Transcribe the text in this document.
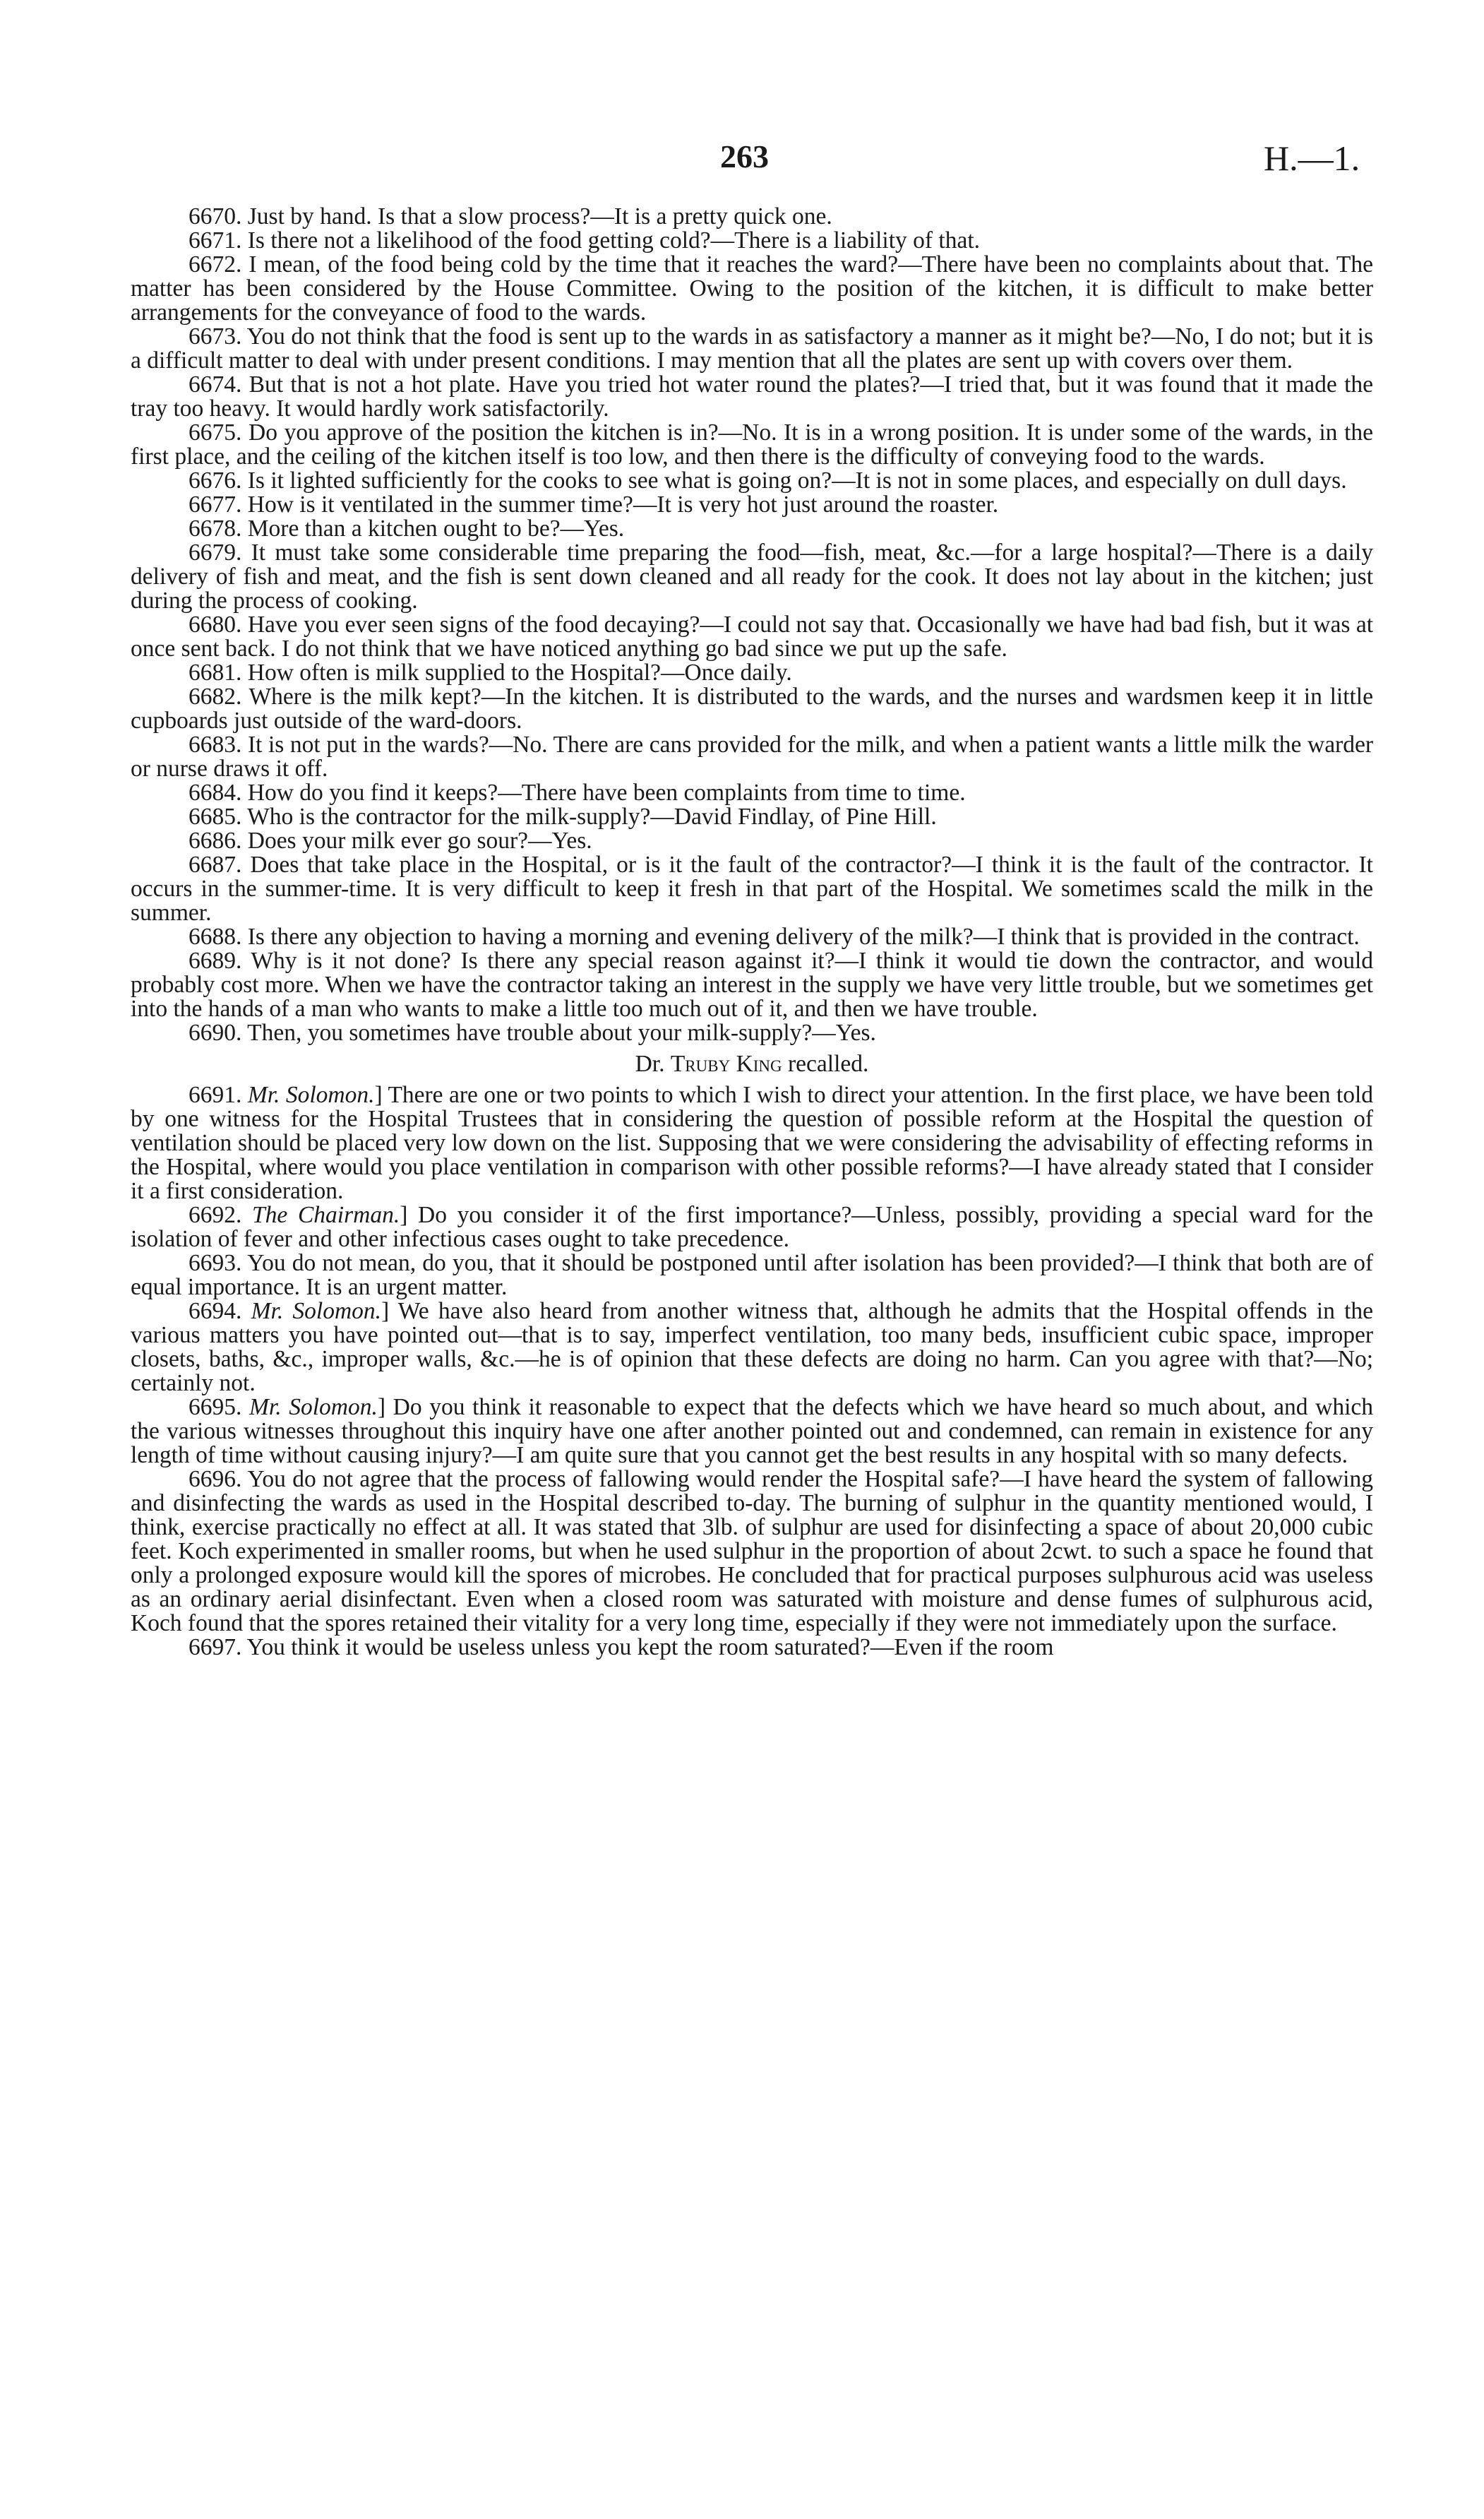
263	H.—1.

6670. Just by hand. Is that a slow process?—It is a pretty quick one.

6671. Is there not a likelihood of the food getting cold?—There is a liability of that.

6672. I mean, of the food being cold by the time that it reaches the ward?—There have been no complaints about that. The matter has been considered by the House Committee. Owing to the position of the kitchen, it is difficult to make better arrangements for the conveyance of food to the wards.

6673. You do not think that the food is sent up to the wards in as satisfactory a manner as it might be?—No, I do not; but it is a difficult matter to deal with under present conditions. I may mention that all the plates are sent up with covers over them.

6674. But that is not a hot plate. Have you tried hot water round the plates?—I tried that, but it was found that it made the tray too heavy. It would hardly work satisfactorily.

6675. Do you approve of the position the kitchen is in?—No. It is in a wrong position. It is under some of the wards, in the first place, and the ceiling of the kitchen itself is too low, and then there is the difficulty of conveying food to the wards.

6676. Is it lighted sufficiently for the cooks to see what is going on?—It is not in some places, and especially on dull days.

6677. How is it ventilated in the summer time?—It is very hot just around the roaster.

6678. More than a kitchen ought to be?—Yes.

6679. It must take some considerable time preparing the food—fish, meat, &c.—for a large hospital?—There is a daily delivery of fish and meat, and the fish is sent down cleaned and all ready for the cook. It does not lay about in the kitchen; just during the process of cooking.

6680. Have you ever seen signs of the food decaying?—I could not say that. Occasionally we have had bad fish, but it was at once sent back. I do not think that we have noticed anything go bad since we put up the safe.

6681. How often is milk supplied to the Hospital?—Once daily.

6682. Where is the milk kept?—In the kitchen. It is distributed to the wards, and the nurses and wardsmen keep it in little cupboards just outside of the ward-doors.

6683. It is not put in the wards?—No. There are cans provided for the milk, and when a patient wants a little milk the warder or nurse draws it off.

6684. How do you find it keeps?—There have been complaints from time to time.

6685. Who is the contractor for the milk-supply?—David Findlay, of Pine Hill.

6686. Does your milk ever go sour?—Yes.

6687. Does that take place in the Hospital, or is it the fault of the contractor?—I think it is the fault of the contractor. It occurs in the summer-time. It is very difficult to keep it fresh in that part of the Hospital. We sometimes scald the milk in the summer.

6688. Is there any objection to having a morning and evening delivery of the milk?—I think that is provided in the contract.

6689. Why is it not done? Is there any special reason against it?—I think it would tie down the contractor, and would probably cost more. When we have the contractor taking an interest in the supply we have very little trouble, but we sometimes get into the hands of a man who wants to make a little too much out of it, and then we have trouble.

6690. Then, you sometimes have trouble about your milk-supply?—Yes.

Dr. Truby King recalled.

6691. Mr. Solomon.] There are one or two points to which I wish to direct your attention. In the first place, we have been told by one witness for the Hospital Trustees that in considering the question of possible reform at the Hospital the question of ventilation should be placed very low down on the list. Supposing that we were considering the advisability of effecting reforms in the Hospital, where would you place ventilation in comparison with other possible reforms?—I have already stated that I consider it a first consideration.

6692. The Chairman.] Do you consider it of the first importance?—Unless, possibly, providing a special ward for the isolation of fever and other infectious cases ought to take precedence.

6693. You do not mean, do you, that it should be postponed until after isolation has been provided?—I think that both are of equal importance. It is an urgent matter.

6694. Mr. Solomon.] We have also heard from another witness that, although he admits that the Hospital offends in the various matters you have pointed out—that is to say, imperfect ventilation, too many beds, insufficient cubic space, improper closets, baths, &c., improper walls, &c.—he is of opinion that these defects are doing no harm. Can you agree with that?—No; certainly not.

6695. Mr. Solomon.] Do you think it reasonable to expect that the defects which we have heard so much about, and which the various witnesses throughout this inquiry have one after another pointed out and condemned, can remain in existence for any length of time without causing injury?—I am quite sure that you cannot get the best results in any hospital with so many defects.

6696. You do not agree that the process of fallowing would render the Hospital safe?—I have heard the system of fallowing and disinfecting the wards as used in the Hospital described to-day. The burning of sulphur in the quantity mentioned would, I think, exercise practically no effect at all. It was stated that 3lb. of sulphur are used for disinfecting a space of about 20,000 cubic feet. Koch experimented in smaller rooms, but when he used sulphur in the proportion of about 2cwt. to such a space he found that only a prolonged exposure would kill the spores of microbes. He concluded that for practical purposes sulphurous acid was useless as an ordinary aerial disinfectant. Even when a closed room was saturated with moisture and dense fumes of sulphurous acid, Koch found that the spores retained their vitality for a very long time, especially if they were not immediately upon the surface.

6697. You think it would be useless unless you kept the room saturated?—Even if the room
